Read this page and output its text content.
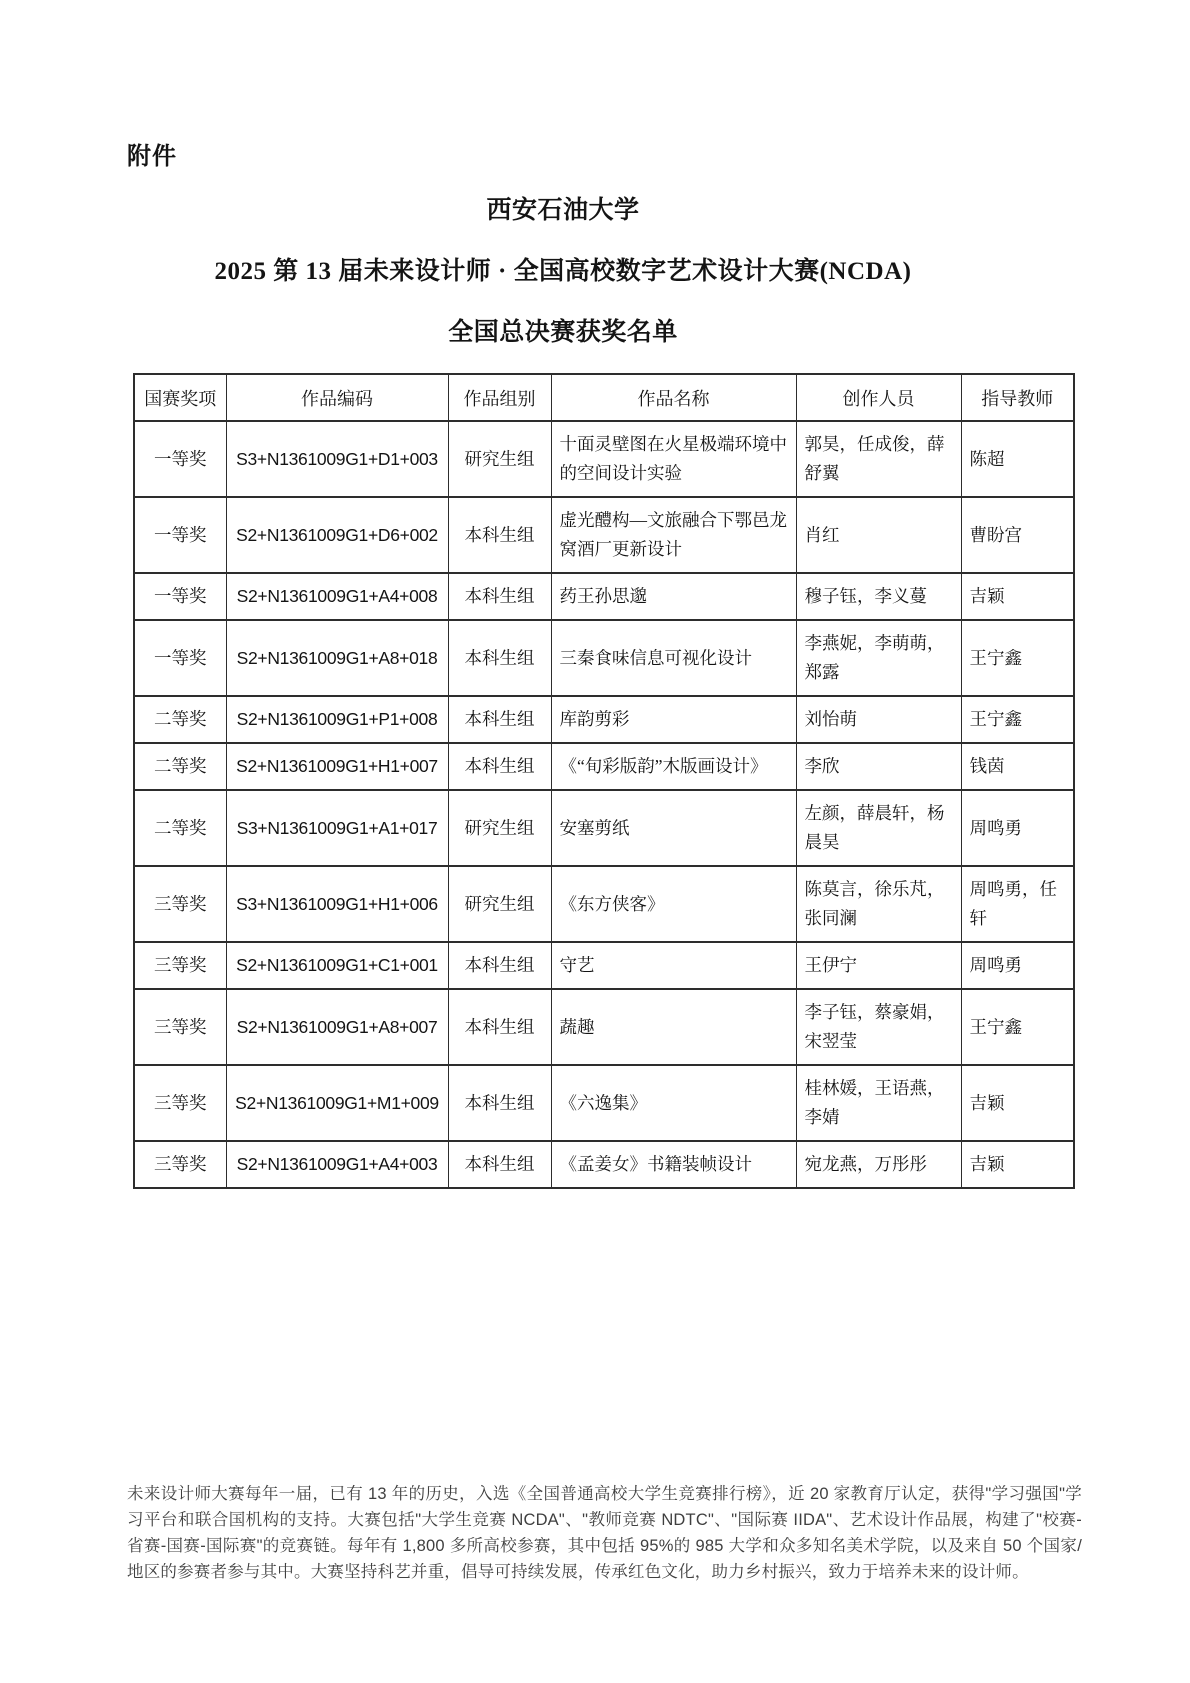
附件
西安石油大学
2025 第 13 届未来设计师 · 全国高校数字艺术设计大赛(NCDA)
全国总决赛获奖名单
国赛奖项	作品编码	作品组别	作品名称	创作人员	指导教师
一等奖	S3+N1361009G1+D1+003	研究生组	十面灵壁图在火星极端环境中的空间设计实验	郭昊，任成俊，薛舒翼	陈超
一等奖	S2+N1361009G1+D6+002	本科生组	虚光醴构—文旅融合下鄂邑龙窝酒厂更新设计	肖红	曹盼宫
一等奖	S2+N1361009G1+A4+008	本科生组	药王孙思邈	穆子钰，李义蔓	吉颖
一等奖	S2+N1361009G1+A8+018	本科生组	三秦食味信息可视化设计	李燕妮，李萌萌，郑露	王宁鑫
二等奖	S2+N1361009G1+P1+008	本科生组	库韵剪彩	刘怡萌	王宁鑫
二等奖	S2+N1361009G1+H1+007	本科生组	《“旬彩版韵”木版画设计》	李欣	钱茵
二等奖	S3+N1361009G1+A1+017	研究生组	安塞剪纸	左颜，薛晨轩，杨晨昊	周鸣勇
三等奖	S3+N1361009G1+H1+006	研究生组	《东方侠客》	陈莫言，徐乐芃，张同澜	周鸣勇，任轩
三等奖	S2+N1361009G1+C1+001	本科生组	守艺	王伊宁	周鸣勇
三等奖	S2+N1361009G1+A8+007	本科生组	蔬趣	李子钰，蔡豪娟，宋翌莹	王宁鑫
三等奖	S2+N1361009G1+M1+009	本科生组	《六逸集》	桂林媛，王语燕，李婧	吉颖
三等奖	S2+N1361009G1+A4+003	本科生组	《孟姜女》书籍装帧设计	宛龙燕，万彤彤	吉颖

未来设计师大赛每年一届，已有 13 年的历史，入选《全国普通高校大学生竞赛排行榜》，近 20 家教育厅认定，获得"学习强国"学习平台和联合国机构的支持。大赛包括"大学生竞赛 NCDA"、"教师竞赛 NDTC"、"国际赛 IIDA"、艺术设计作品展，构建了"校赛-省赛-国赛-国际赛"的竞赛链。每年有 1,800 多所高校参赛，其中包括 95%的 985 大学和众多知名美术学院，以及来自 50 个国家/地区的参赛者参与其中。大赛坚持科艺并重，倡导可持续发展，传承红色文化，助力乡村振兴，致力于培养未来的设计师。
